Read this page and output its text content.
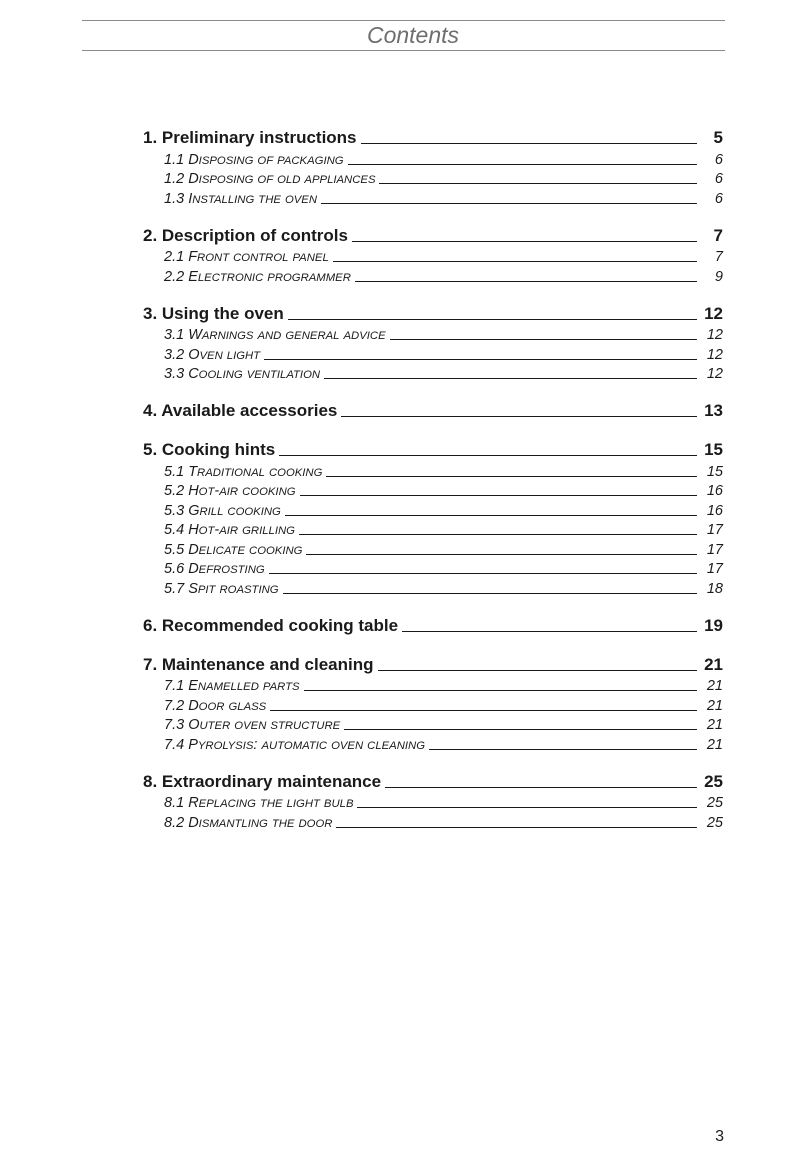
Contents
1. Preliminary instructions	5
1.1 DISPOSING OF PACKAGING	6
1.2 DISPOSING OF OLD APPLIANCES	6
1.3 INSTALLING THE OVEN	6
2. Description of controls	7
2.1 FRONT CONTROL PANEL	7
2.2 ELECTRONIC PROGRAMMER	9
3. Using the oven	12
3.1 WARNINGS AND GENERAL ADVICE	12
3.2 OVEN LIGHT	12
3.3 COOLING VENTILATION	12
4. Available accessories	13
5. Cooking hints	15
5.1 TRADITIONAL COOKING	15
5.2 HOT-AIR COOKING	16
5.3 GRILL COOKING	16
5.4 HOT-AIR GRILLING	17
5.5 DELICATE COOKING	17
5.6 DEFROSTING	17
5.7 SPIT ROASTING	18
6. Recommended cooking table	19
7. Maintenance and cleaning	21
7.1 ENAMELLED PARTS	21
7.2 DOOR GLASS	21
7.3 OUTER OVEN STRUCTURE	21
7.4 PYROLYSIS: AUTOMATIC OVEN CLEANING	21
8. Extraordinary maintenance	25
8.1 REPLACING THE LIGHT BULB	25
8.2 DISMANTLING THE DOOR	25
3
